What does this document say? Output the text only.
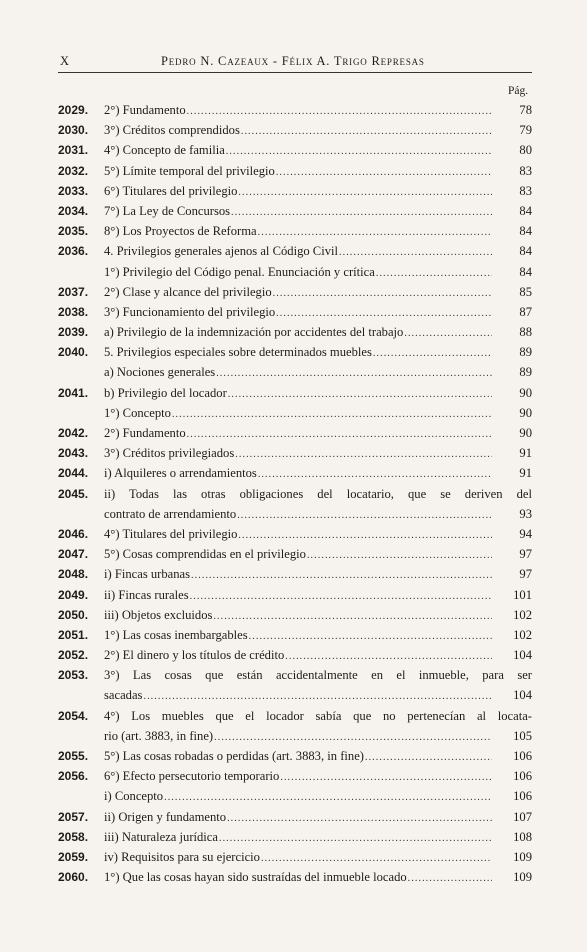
X	Pedro N. Cazeaux - Félix A. Trigo Represas
Pág.
2029.	2°) Fundamento .....	78
2030.	3°) Créditos comprendidos .....	79
2031.	4°) Concepto de familia .....	80
2032.	5°) Límite temporal del privilegio .....	83
2033.	6°) Titulares del privilegio .....	83
2034.	7°) La Ley de Concursos .....	84
2035.	8°) Los Proyectos de Reforma .....	84
2036.	4. Privilegios generales ajenos al Código Civil .....	84
1°) Privilegio del Código penal. Enunciación y crítica .....	84
2037.	2°) Clase y alcance del privilegio .....	85
2038.	3°) Funcionamiento del privilegio .....	87
2039.	a) Privilegio de la indemnización por accidentes del trabajo .....	88
2040.	5. Privilegios especiales sobre determinados muebles .....	89
a) Nociones generales .....	89
2041.	b) Privilegio del locador .....	90
1°) Concepto .....	90
2042.	2°) Fundamento .....	90
2043.	3°) Créditos privilegiados .....	91
2044.	i) Alquileres o arrendamientos .....	91
2045.	ii) Todas las otras obligaciones del locatario, que se deriven del
contrato de arrendamiento .....	93
2046.	4°) Titulares del privilegio .....	94
2047.	5°) Cosas comprendidas en el privilegio .....	97
2048.	i) Fincas urbanas .....	97
2049.	ii) Fincas rurales .....	101
2050.	iii) Objetos excluidos .....	102
2051.	1°) Las cosas inembargables .....	102
2052.	2°) El dinero y los títulos de crédito .....	104
2053.	3°) Las cosas que están accidentalmente en el inmueble, para ser
sacadas .....	104
2054.	4°) Los muebles que el locador sabía que no pertenecían al locata-
rio (art. 3883, in fine) .....	105
2055.	5°) Las cosas robadas o perdidas (art. 3883, in fine) .....	106
2056.	6°) Efecto persecutorio temporario .....	106
i) Concepto .....	106
2057.	ii) Origen y fundamento .....	107
2058.	iii) Naturaleza jurídica .....	108
2059.	iv) Requisitos para su ejercicio .....	109
2060.	1°) Que las cosas hayan sido sustraídas del inmueble locado .....	109
